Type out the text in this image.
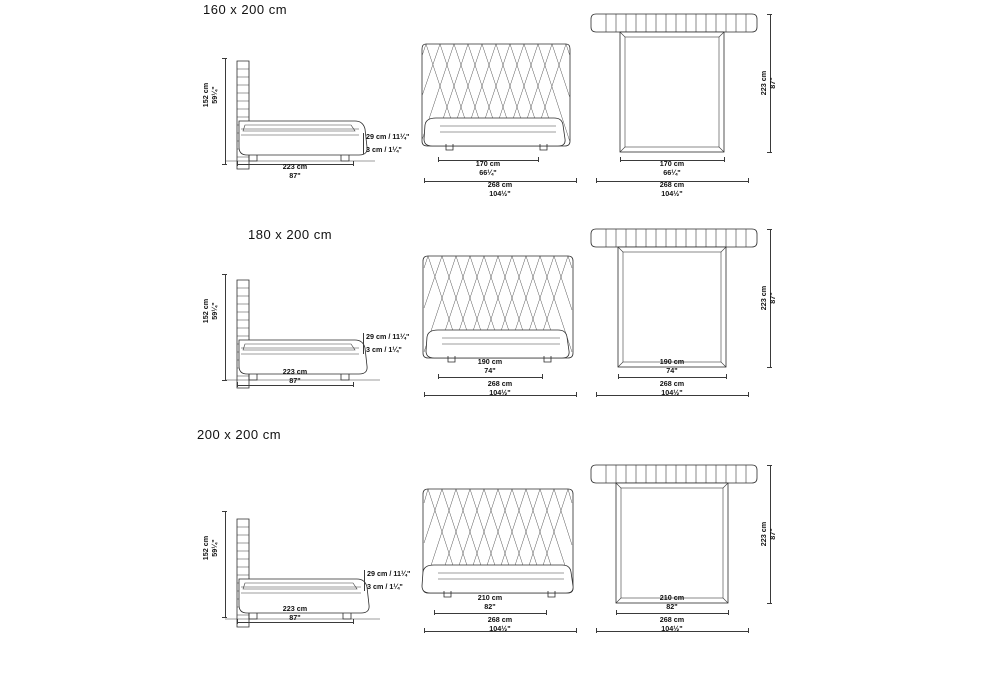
160 x 200 cm
152 cm 59¼"
223 cm
87"
29 cm / 11¼"
3 cm / 1¼"
170 cm
66¼"
268 cm
104½"
170 cm
66¼"
268 cm
104½"
223 cm 87"
180 x 200 cm
152 cm 59¼"
223 cm
87"
29 cm / 11¼"
3 cm / 1¼"
190 cm
74"
268 cm
104½"
190 cm
74"
268 cm
104½"
223 cm 87"
200 x 200 cm
152 cm 59¼"
223 cm
87"
29 cm / 11¼"
3 cm / 1¼"
210 cm
82"
268 cm
104½"
210 cm
82"
268 cm
104½"
223 cm 87"
